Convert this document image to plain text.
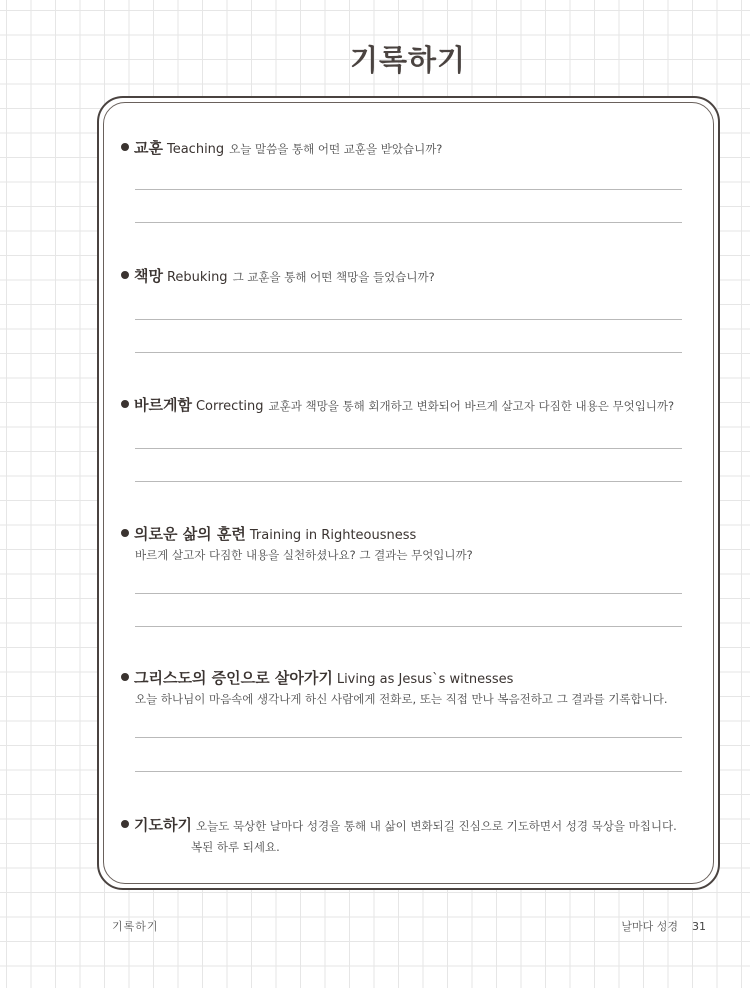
기록하기
교훈 Teaching 오늘 말씀을 통해 어떤 교훈을 받았습니까?
책망 Rebuking 그 교훈을 통해 어떤 책망을 들었습니까?
바르게함 Correcting 교훈과 책망을 통해 회개하고 변화되어 바르게 살고자 다짐한 내용은 무엇입니까?
의로운 삶의 훈련 Training in Righteousness
바르게 살고자 다짐한 내용을 실천하셨나요? 그 결과는 무엇입니까?
그리스도의 증인으로 살아가기 Living as Jesus`s witnesses
오늘 하나님이 마음속에 생각나게 하신 사람에게 전화로, 또는 직접 만나 복음전하고 그 결과를 기록합니다.
기도하기 오늘도 묵상한 날마다 성경을 통해 내 삶이 변화되길 진심으로 기도하면서 성경 묵상을 마칩니다.
복된 하루 되세요.
기록하기	날마다 성경 31
